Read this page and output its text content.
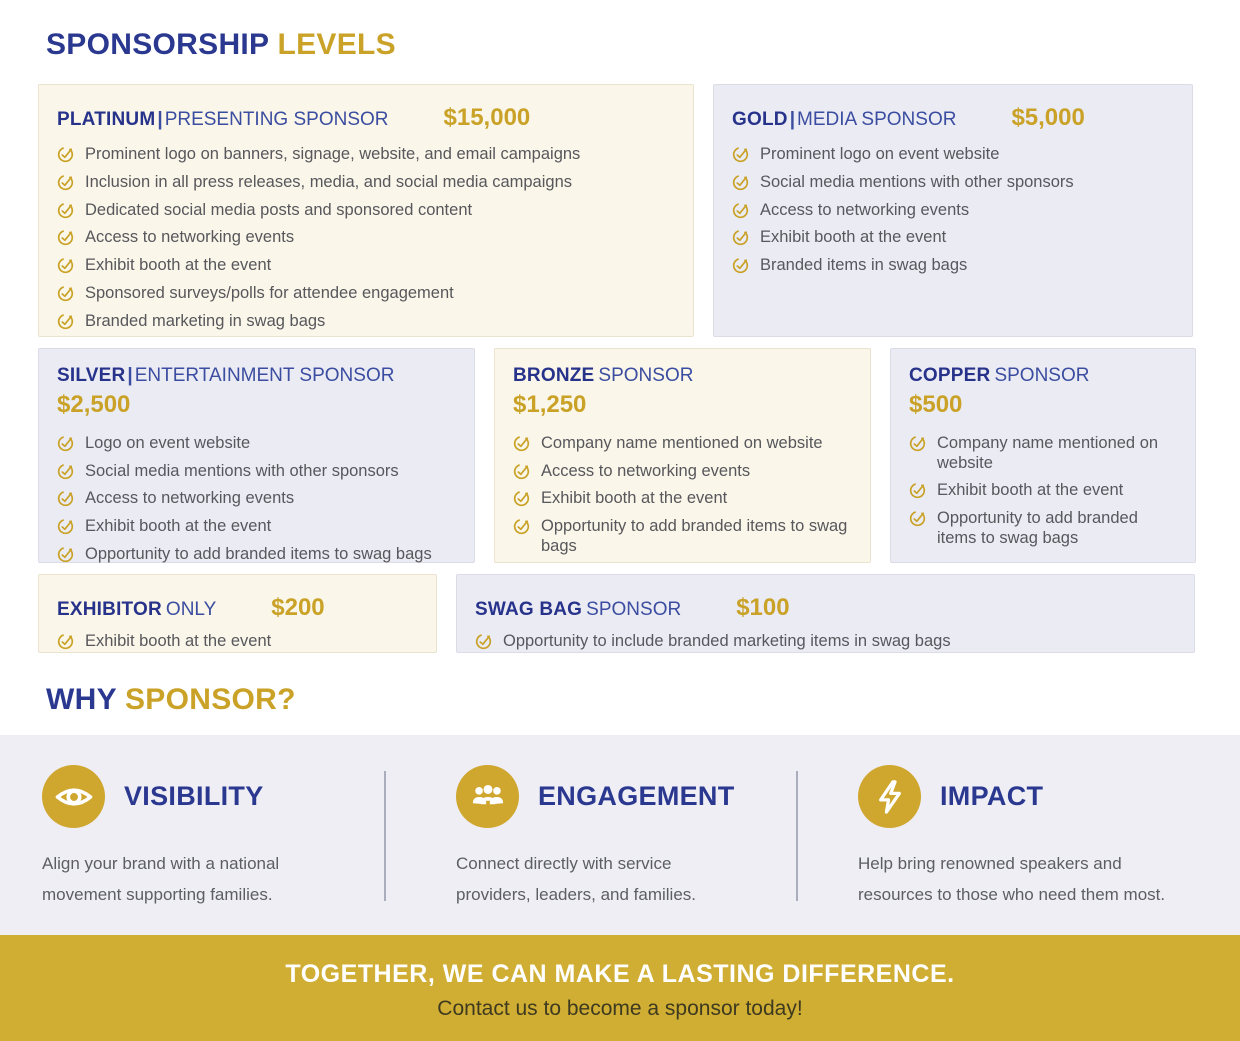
SPONSORSHIP LEVELS
PLATINUM | PRESENTING SPONSOR $15,000
Prominent logo on banners, signage, website, and email campaigns
Inclusion in all press releases, media, and social media campaigns
Dedicated social media posts and sponsored content
Access to networking events
Exhibit booth at the event
Sponsored surveys/polls for attendee engagement
Branded marketing in swag bags
GOLD | MEDIA SPONSOR $5,000
Prominent logo on event website
Social media mentions with other sponsors
Access to networking events
Exhibit booth at the event
Branded items in swag bags
SILVER | ENTERTAINMENT SPONSOR
$2,500
Logo on event website
Social media mentions with other sponsors
Access to networking events
Exhibit booth at the event
Opportunity to add branded items to swag bags
BRONZE SPONSOR
$1,250
Company name mentioned on website
Access to networking events
Exhibit booth at the event
Opportunity to add branded items to swag bags
COPPER SPONSOR
$500
Company name mentioned on website
Exhibit booth at the event
Opportunity to add branded items to swag bags
EXHIBITOR ONLY $200
Exhibit booth at the event
SWAG BAG SPONSOR $100
Opportunity to include branded marketing items in swag bags
WHY SPONSOR?
VISIBILITY

Align your brand with a national movement supporting families.

ENGAGEMENT

Connect directly with service providers, leaders, and families.

IMPACT

Help bring renowned speakers and resources to those who need them most.

TOGETHER, WE CAN MAKE A LASTING DIFFERENCE.
Contact us to become a sponsor today!
